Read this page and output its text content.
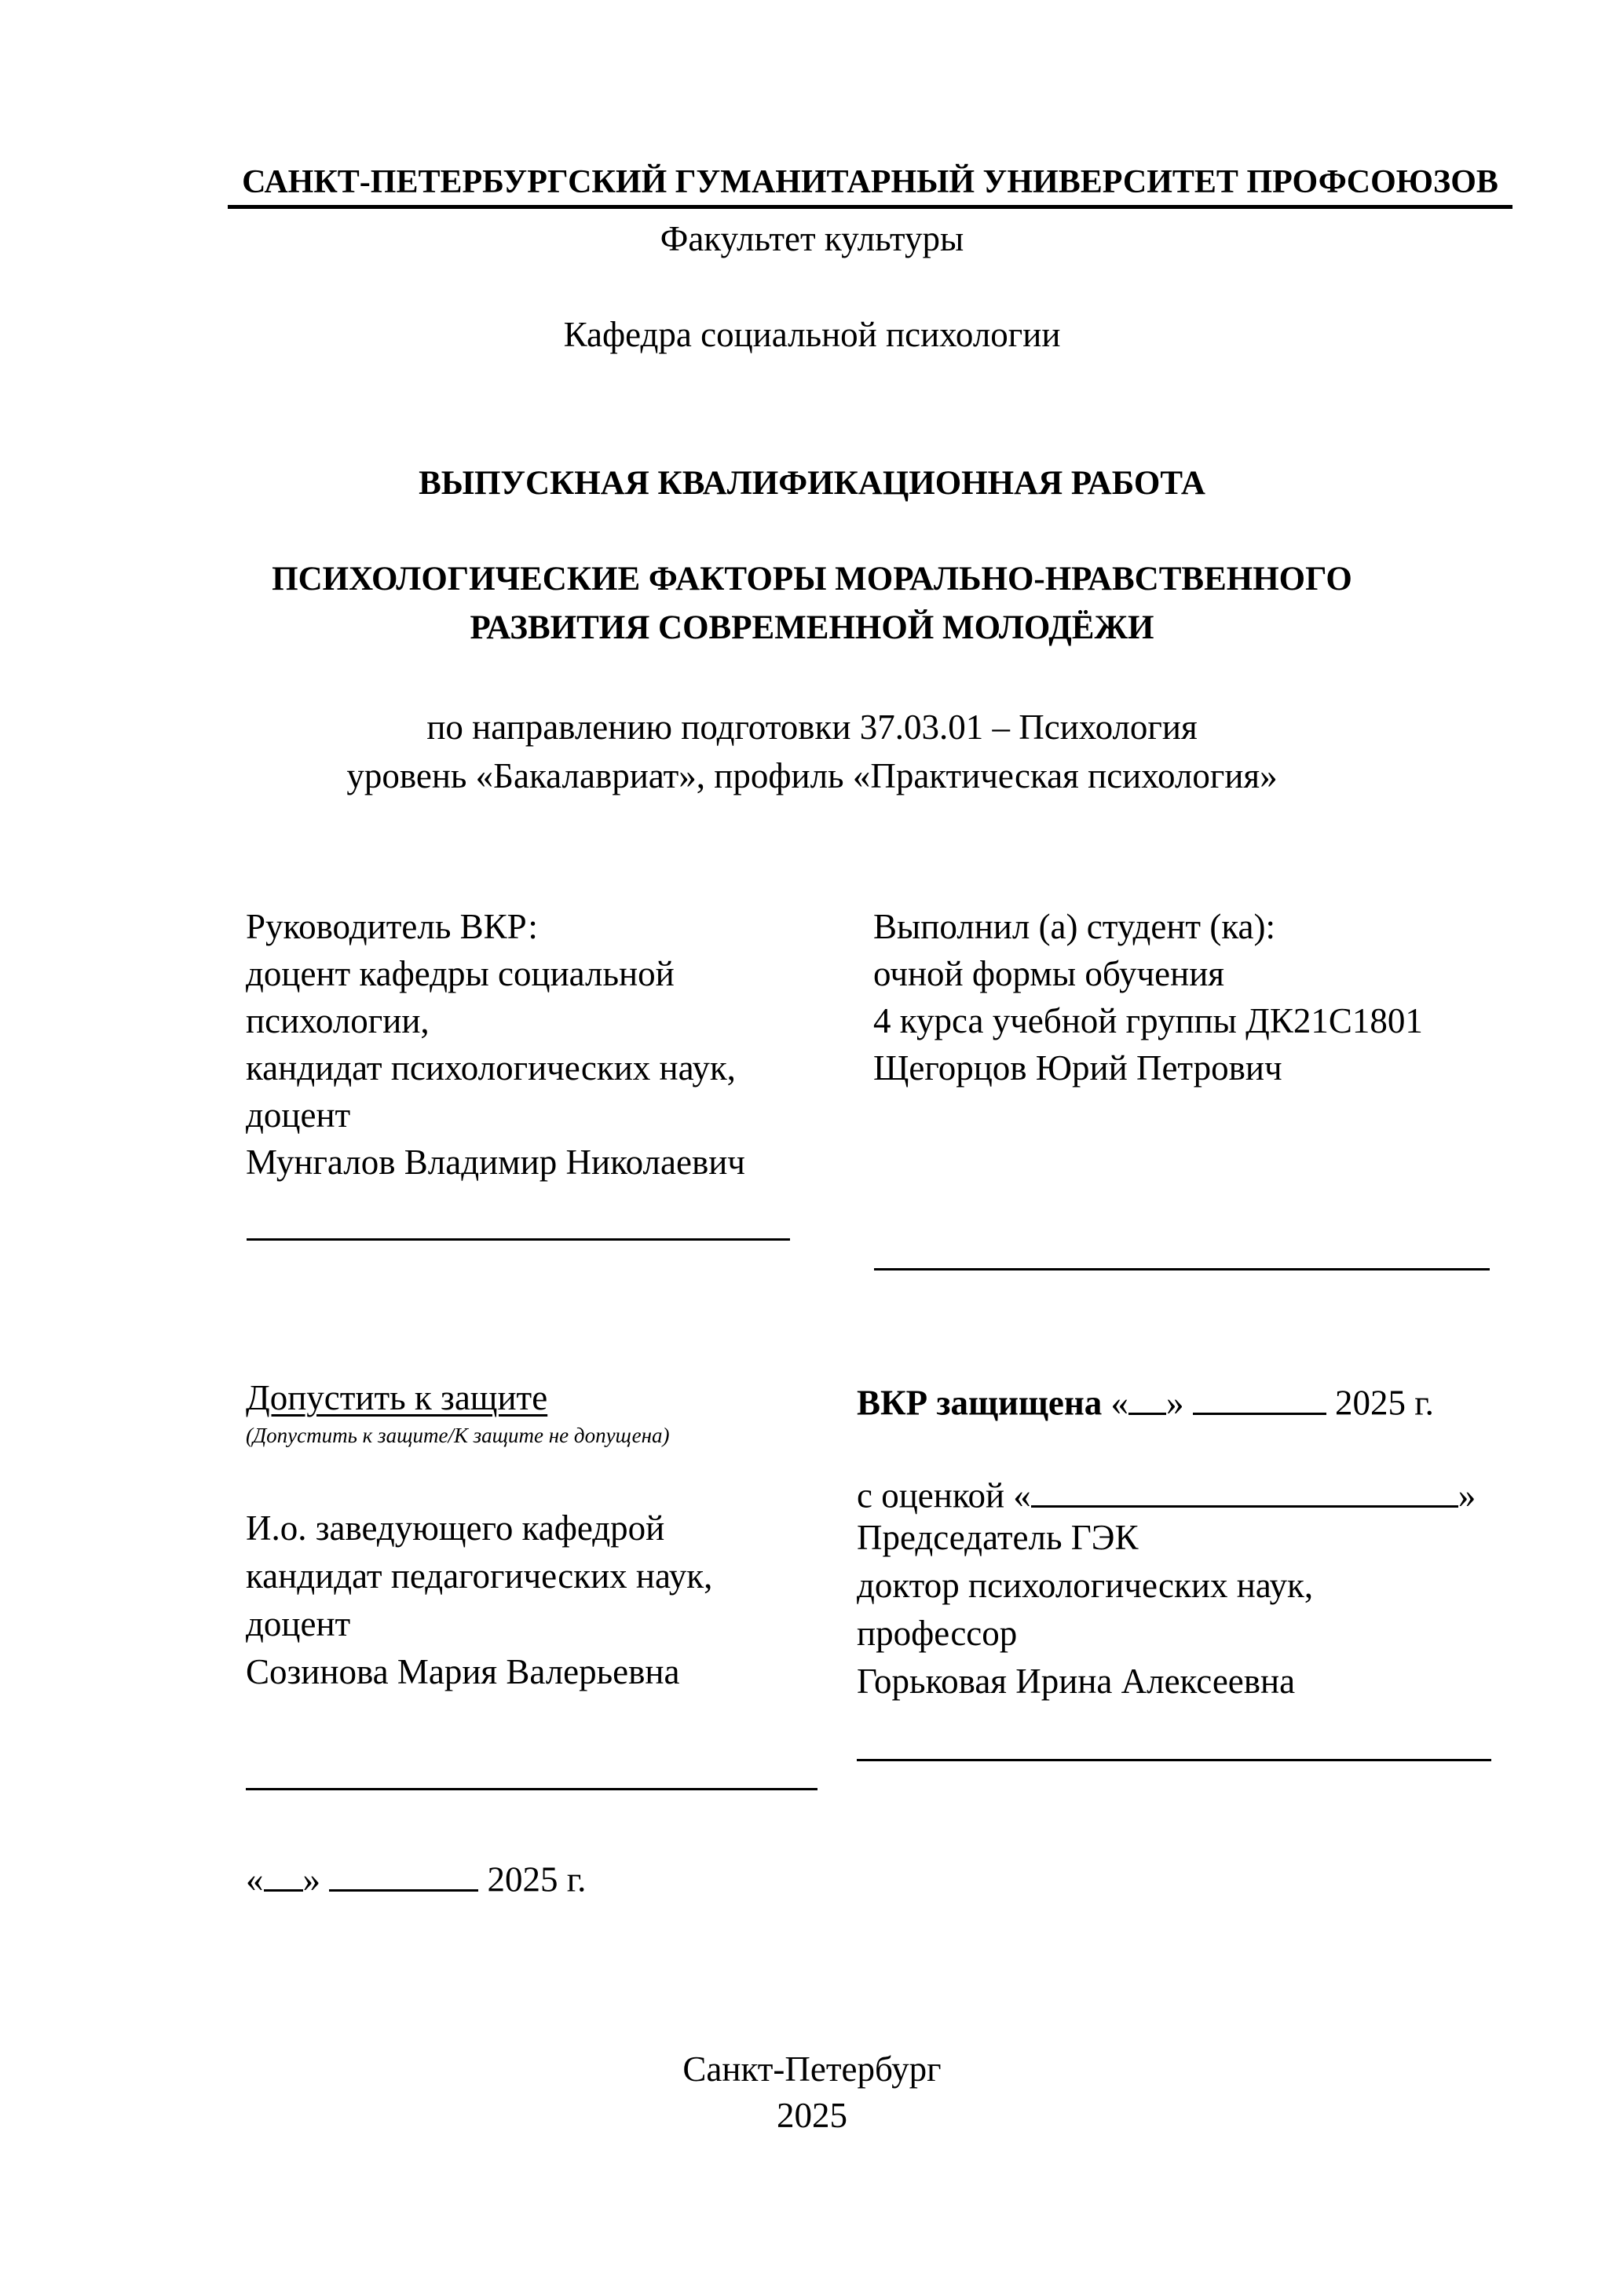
САНКТ-ПЕТЕРБУРГСКИЙ ГУМАНИТАРНЫЙ УНИВЕРСИТЕТ ПРОФСОЮЗОВ
Факультет культуры
Кафедра социальной психологии
ВЫПУСКНАЯ КВАЛИФИКАЦИОННАЯ РАБОТА
ПСИХОЛОГИЧЕСКИЕ ФАКТОРЫ МОРАЛЬНО-НРАВСТВЕННОГО
РАЗВИТИЯ СОВРЕМЕННОЙ МОЛОДЁЖИ
по направлению подготовки 37.03.01 – Психология
уровень «Бакалавриат», профиль «Практическая психология»
Руководитель ВКР:
доцент кафедры социальной
психологии,
кандидат психологических наук,
доцент
Мунгалов Владимир Николаевич
Выполнил (а) студент (ка):
очной формы обучения
4 курса учебной группы ДК21С1801
Щегорцов Юрий Петрович
Допустить к защите
(Допустить к защите/К защите не допущена)
И.о. заведующего кафедрой
кандидат педагогических наук,
доцент
Созинова Мария Валерьевна
« »	2025 г.
ВКР защищена « »	2025 г.
с оценкой «	»
Председатель ГЭК
доктор психологических наук,
профессор
Горьковая Ирина Алексеевна
Санкт-Петербург
2025
